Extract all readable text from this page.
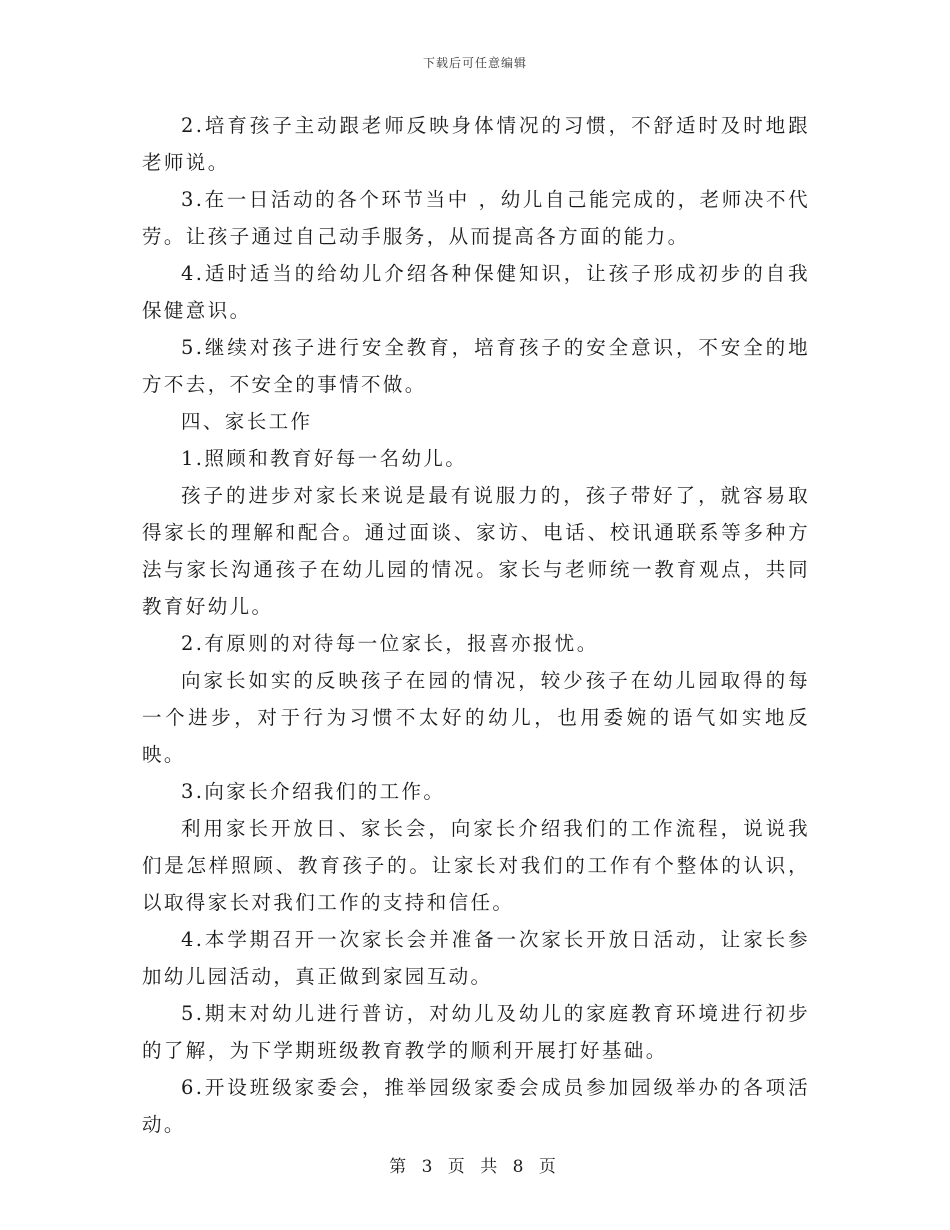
下载后可任意编辑

2.培育孩子主动跟老师反映身体情况的习惯，不舒适时及时地跟老师说。

3.在一日活动的各个环节当中 ，幼儿自己能完成的，老师决不代劳。让孩子通过自己动手服务，从而提高各方面的能力。

4.适时适当的给幼儿介绍各种保健知识，让孩子形成初步的自我保健意识。

5.继续对孩子进行安全教育，培育孩子的安全意识，不安全的地方不去，不安全的事情不做。

四、家长工作

1.照顾和教育好每一名幼儿。

孩子的进步对家长来说是最有说服力的，孩子带好了，就容易取得家长的理解和配合。通过面谈、家访、电话、校讯通联系等多种方法与家长沟通孩子在幼儿园的情况。家长与老师统一教育观点，共同教育好幼儿。

2.有原则的对待每一位家长，报喜亦报忧。

向家长如实的反映孩子在园的情况，较少孩子在幼儿园取得的每一个进步，对于行为习惯不太好的幼儿，也用委婉的语气如实地反映。

3.向家长介绍我们的工作。

利用家长开放日、家长会，向家长介绍我们的工作流程，说说我们是怎样照顾、教育孩子的。让家长对我们的工作有个整体的认识，以取得家长对我们工作的支持和信任。

4.本学期召开一次家长会并准备一次家长开放日活动，让家长参加幼儿园活动，真正做到家园互动。

5.期末对幼儿进行普访，对幼儿及幼儿的家庭教育环境进行初步的了解，为下学期班级教育教学的顺利开展打好基础。

6.开设班级家委会，推举园级家委会成员参加园级举办的各项活动。

第 3 页 共 8 页
